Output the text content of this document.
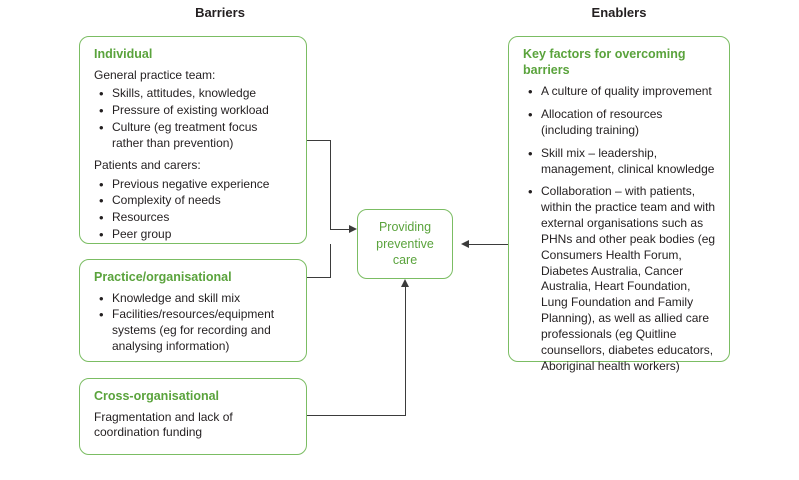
Barriers	Enablers
Individual

General practice team:

• Skills, attitudes, knowledge
• Pressure of existing workload
• Culture (eg treatment focus rather than prevention)

Patients and carers:

• Previous negative experience
• Complexity of needs
• Resources
• Peer group
Practice/organisational
• Knowledge and skill mix
• Facilities/resources/equipment systems (eg for recording and analysing information)
Cross-organisational

Fragmentation and lack of coordination funding

Providing preventive care
Key factors for overcoming barriers
• A culture of quality improvement
• Allocation of resources (including training)
• Skill mix – leadership, management, clinical knowledge
• Collaboration – with patients, within the practice team and with external organisations such as PHNs and other peak bodies (eg Consumers Health Forum, Diabetes Australia, Cancer Australia, Heart Foundation, Lung Foundation and Family Planning), as well as allied care professionals (eg Quitline counsellors, diabetes educators, Aboriginal health workers)
